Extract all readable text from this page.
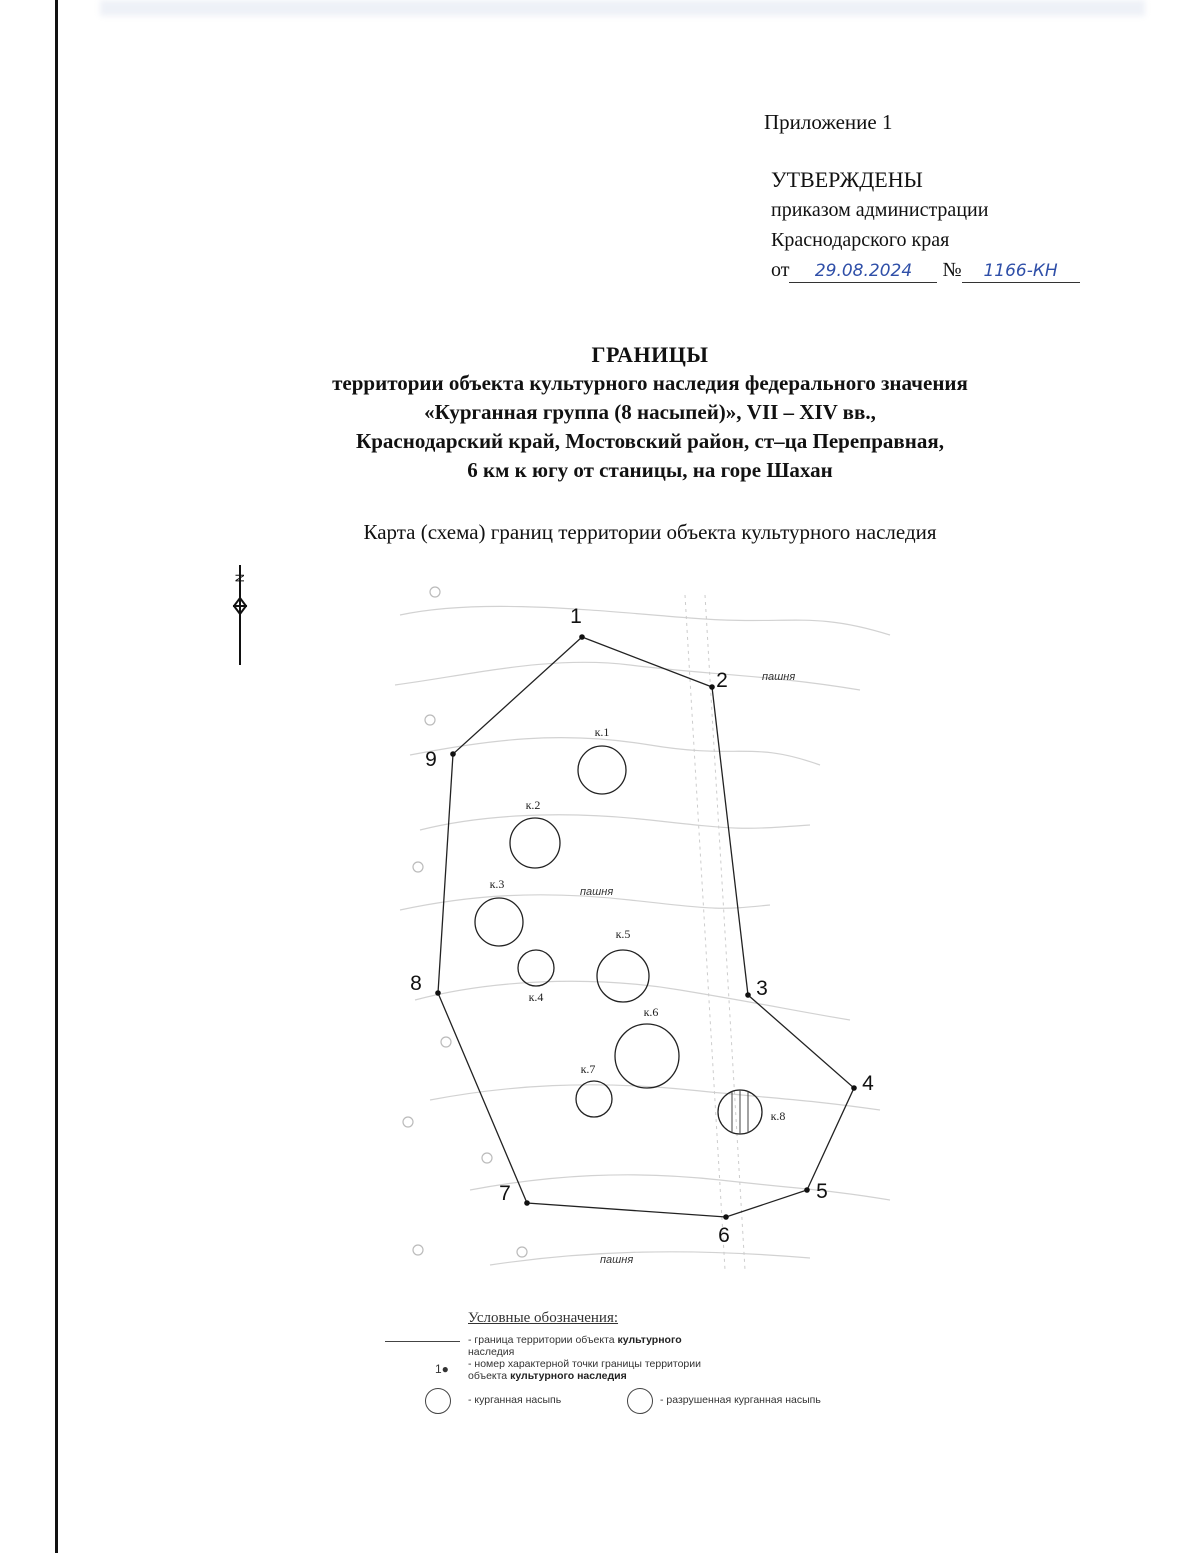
Приложение 1
УТВЕРЖДЕНЫ
приказом администрации
Краснодарского края
от 29.08.2024 № 1166-КН
ГРАНИЦЫ
территории объекта культурного наследия федерального значения
«Курганная группа (8 насыпей)», VII – XIV вв.,
Краснодарский край, Мостовский район, ст–ца Переправная,
6 км к югу от станицы, на горе Шахан
Карта (схема) границ территории объекта культурного наследия
N
1
2
3
4
5
6
7
8
9
к.1
к.2
к.3
к.4
к.5
к.6
к.7
к.8
пашня
пашня
пашня
Условные обозначения:
- граница территории объекта культурного
наследия
1● - номер характерной точки границы территории
объекта культурного наследия
- курганная насыпь	- разрушенная курганная насыпь
